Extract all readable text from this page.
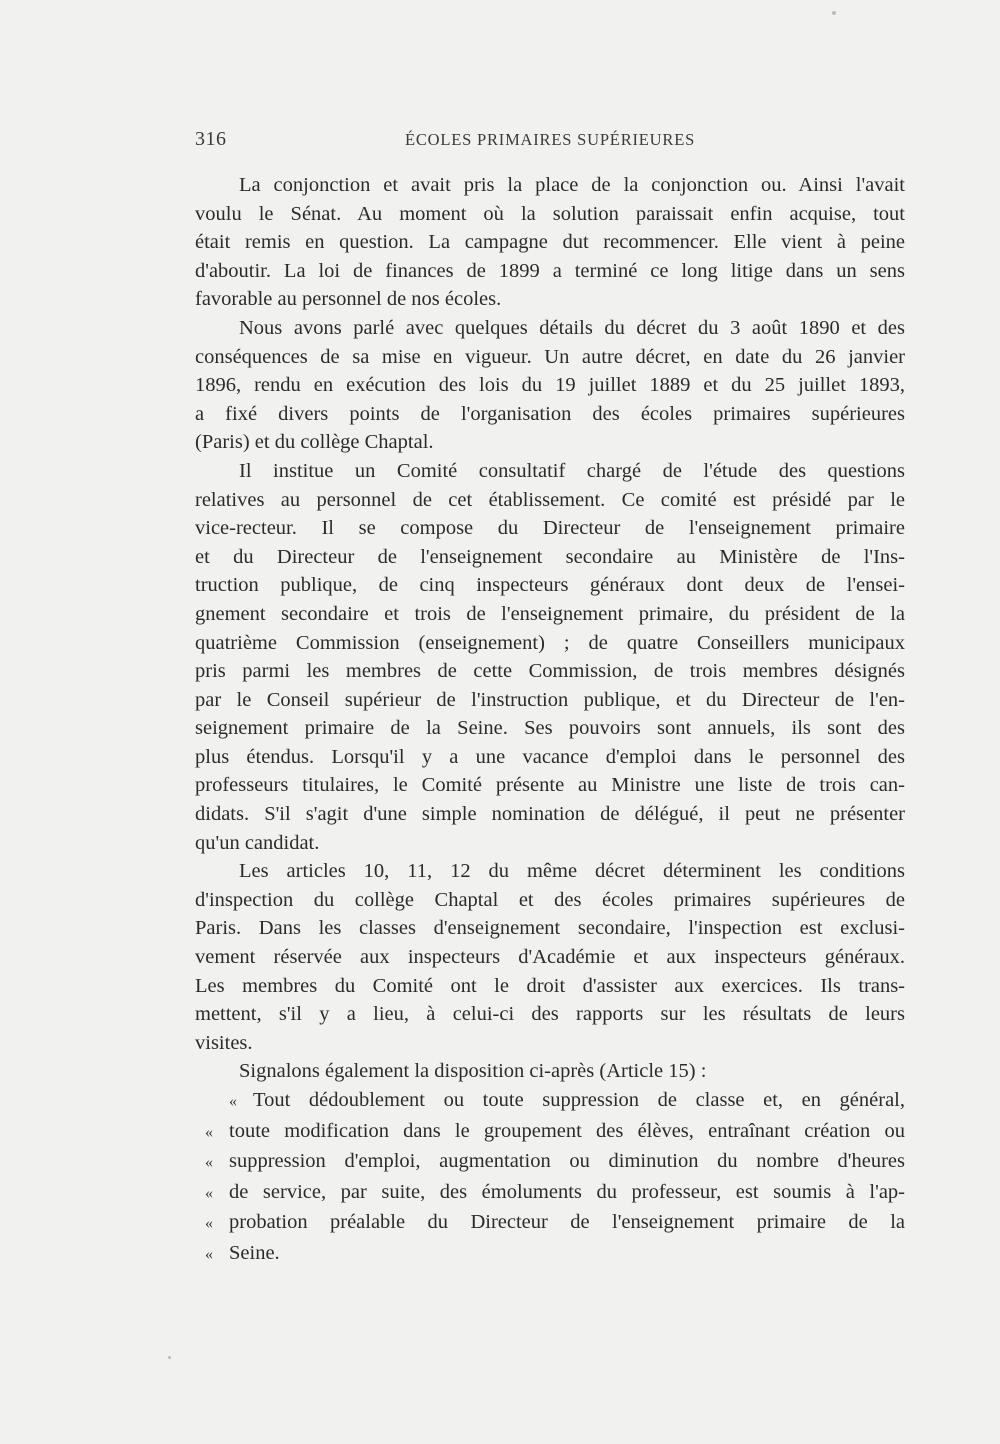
316	ÉCOLES PRIMAIRES SUPÉRIEURES
La conjonction et avait pris la place de la conjonction ou. Ainsi l'avait
voulu le Sénat. Au moment où la solution paraissait enfin acquise, tout
était remis en question. La campagne dut recommencer. Elle vient à peine
d'aboutir. La loi de finances de 1899 a terminé ce long litige dans un sens
favorable au personnel de nos écoles.
Nous avons parlé avec quelques détails du décret du 3 août 1890 et des
conséquences de sa mise en vigueur. Un autre décret, en date du 26 janvier
1896, rendu en exécution des lois du 19 juillet 1889 et du 25 juillet 1893,
a fixé divers points de l'organisation des écoles primaires supérieures
(Paris) et du collège Chaptal.
Il institue un Comité consultatif chargé de l'étude des questions
relatives au personnel de cet établissement. Ce comité est présidé par le
vice-recteur. Il se compose du Directeur de l'enseignement primaire
et du Directeur de l'enseignement secondaire au Ministère de l'Ins-
truction publique, de cinq inspecteurs généraux dont deux de l'ensei-
gnement secondaire et trois de l'enseignement primaire, du président de la
quatrième Commission (enseignement) ; de quatre Conseillers municipaux
pris parmi les membres de cette Commission, de trois membres désignés
par le Conseil supérieur de l'instruction publique, et du Directeur de l'en-
seignement primaire de la Seine. Ses pouvoirs sont annuels, ils sont des
plus étendus. Lorsqu'il y a une vacance d'emploi dans le personnel des
professeurs titulaires, le Comité présente au Ministre une liste de trois can-
didats. S'il s'agit d'une simple nomination de délégué, il peut ne présenter
qu'un candidat.
Les articles 10, 11, 12 du même décret déterminent les conditions
d'inspection du collège Chaptal et des écoles primaires supérieures de
Paris. Dans les classes d'enseignement secondaire, l'inspection est exclusi-
vement réservée aux inspecteurs d'Académie et aux inspecteurs généraux.
Les membres du Comité ont le droit d'assister aux exercices. Ils trans-
mettent, s'il y a lieu, à celui-ci des rapports sur les résultats de leurs
visites.
Signalons également la disposition ci-après (Article 15) :
« Tout dédoublement ou toute suppression de classe et, en général,
« toute modification dans le groupement des élèves, entraînant création ou
« suppression d'emploi, augmentation ou diminution du nombre d'heures
« de service, par suite, des émoluments du professeur, est soumis à l'ap-
« probation préalable du Directeur de l'enseignement primaire de la
« Seine.
